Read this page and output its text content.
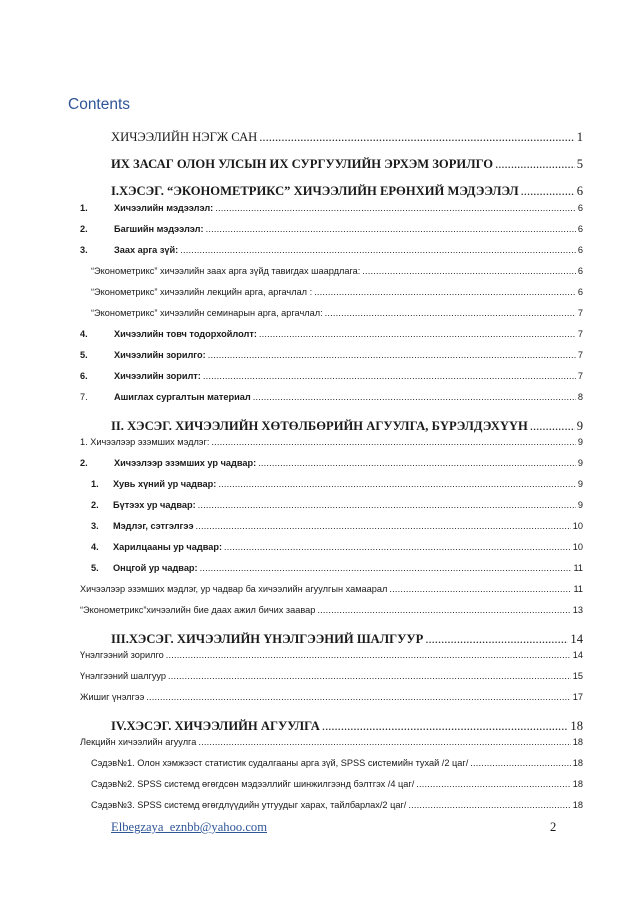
Contents
ХИЧЭЭЛИЙН НЭГЖ САН .....	1
ИХ ЗАСАГ ОЛОН УЛСЫН ИХ СУРГУУЛИЙН ЭРХЭМ ЗОРИЛГО .....	5
I.ХЭСЭГ. “ЭКОНОМЕТРИКС” ХИЧЭЭЛИЙН ЕРӨНХИЙ МЭДЭЭЛЭЛ .....	6
1.	Хичээлийн мэдээлэл: .....	6
2.	Багшийн мэдээлэл: .....	6
3.	Заах арга зүй: .....	6
“Эконометрикс” хичээлийн заах арга зүйд тавигдах шаардлага: .....	6
“Эконометрикс” хичээлийн лекцийн арга, аргачлал : .....	6
“Эконометрикс” хичээлийн семинарын арга, аргачлал: .....	7
4.	Хичээлийн товч тодорхойлолт: .....	7
5.	Хичээлийн зорилго: .....	7
6.	Хичээлийн зорилт: .....	7
7.	Ашиглах сургалтын материал .....	8
II. ХЭСЭГ. ХИЧЭЭЛИЙН ХӨТӨЛБӨРИЙН АГУУЛГА, БҮРЭЛДЭХҮҮН .....	9
1. Хичээлээр эзэмших мэдлэг: .....	9
2.	Хичээлээр эзэмших ур чадвар: .....	9
1.	Хувь хүний ур чадвар: .....	9
2.	Бүтээх ур чадвар: .....	9
3.	Мэдлэг, сэтгэлгээ .....	10
4.	Харилцааны ур чадвар: .....	10
5.	Онцгой ур чадвар: .....	11
Хичээлээр эзэмших мэдлэг, ур чадвар ба хичээлийн агуулгын хамаарал .....	11
“Эконометрикс”хичээлийн бие даах ажил бичих заавар .....	13
III.ХЭСЭГ. ХИЧЭЭЛИЙН ҮНЭЛГЭЭНИЙ ШАЛГУУР .....	14
Үнэлгээний зорилго .....	14
Үнэлгээний шалгуур .....	15
Жишиг үнэлгээ .....	17
IV.ХЭСЭГ. ХИЧЭЭЛИЙН АГУУЛГА .....	18
Лекцийн хичээлийн агуулга .....	18
Сэдэв№1. Олон хэмжээст статистик судалгааны арга зүй, SPSS системийн тухай /2 цаг/ .....	18
Сэдэв№2. SPSS системд өгөгдсөн мэдээллийг шинжилгээнд бэлтгэх /4 цаг/ .....	18
Сэдэв№3. SPSS системд өгөгдлүүдийн утгуудыг харах, тайлбарлах/2 цаг/ .....	18
Elbegzaya_eznbb@yahoo.com	2
